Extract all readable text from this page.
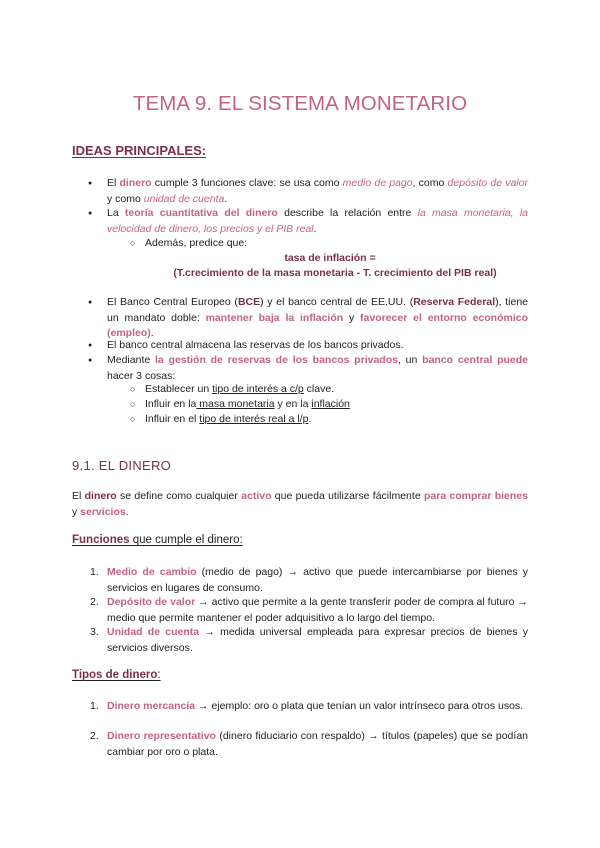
TEMA 9. EL SISTEMA MONETARIO
IDEAS PRINCIPALES:
● El dinero cumple 3 funciones clave: se usa como medio de pago, como depósito de valor y como unidad de cuenta.
● La teoría cuantitativa del dinero describe la relación entre la masa monetaria, la velocidad de dinero, los precios y el PIB real.
○ Además, predice que:
tasa de inflación =
(T.crecimiento de la masa monetaria - T. crecimiento del PIB real)
● El Banco Central Europeo (BCE) y el banco central de EE.UU. (Reserva Federal), tiene un mandato doble: mantener baja la inflación y favorecer el entorno económico (empleo).
● El banco central almacena las reservas de los bancos privados.
● Mediante la gestión de reservas de los bancos privados, un banco central puede hacer 3 cosas:
○ Establecer un tipo de interés a c/p clave.
○ Influir en la masa monetaria y en la inflación
○ Influir en el tipo de interés real a l/p.
9.1. EL DINERO
El dinero se define como cualquier activo que pueda utilizarse fácilmente para comprar bienes y servicios.
Funciones que cumple el dinero:
1. Medio de cambio (medio de pago) → activo que puede intercambiarse por bienes y servicios en lugares de consumo.
2. Depósito de valor → activo que permite a la gente transferir poder de compra al futuro → medio que permite mantener el poder adquisitivo a lo largo del tiempo.
3. Unidad de cuenta → medida universal empleada para expresar precios de bienes y servicios diversos.
Tipos de dinero:
1. Dinero mercancía → ejemplo: oro o plata que tenían un valor intrínseco para otros usos.
2. Dinero representativo (dinero fiduciario con respaldo) → títulos (papeles) que se podían cambiar por oro o plata.
